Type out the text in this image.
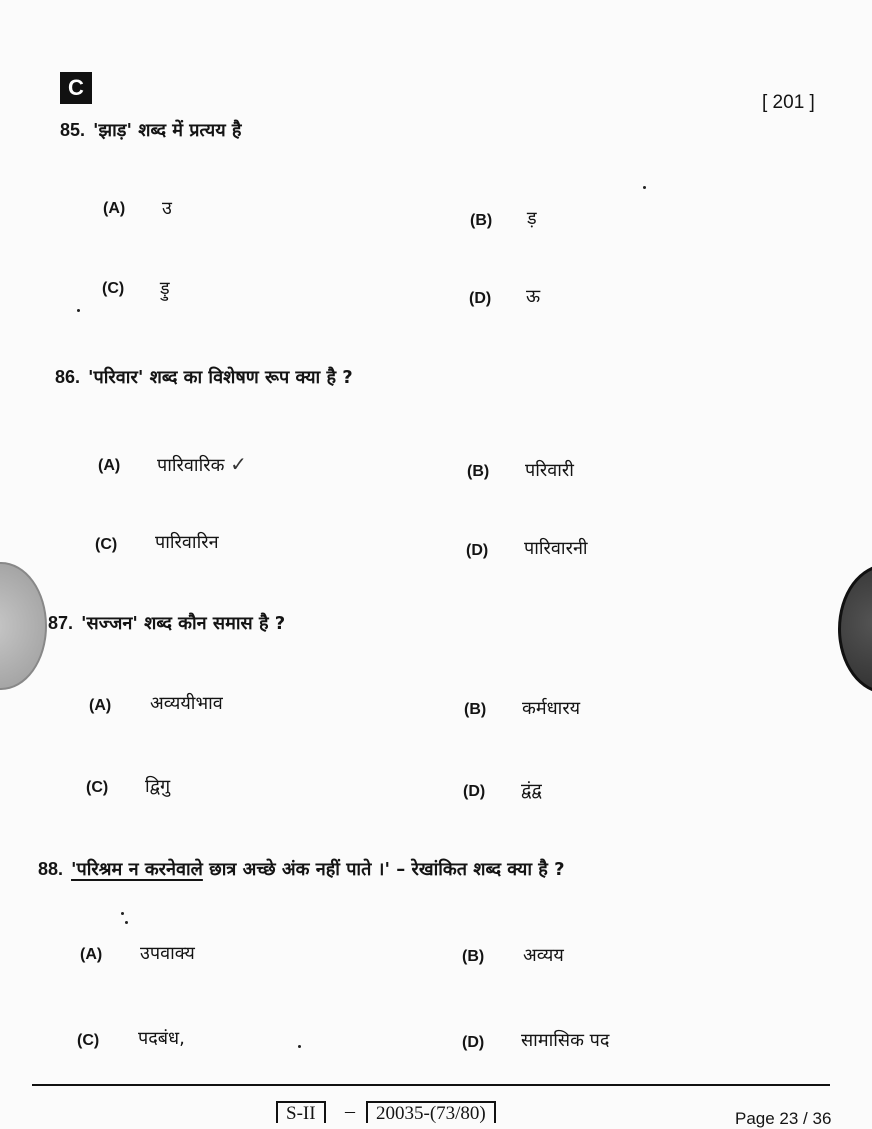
C
[ 201 ]
85. 'झाड़' शब्द में प्रत्यय है
(A) उ
(B) ड़
(C) ड़ु	(D) ऊ
86. 'परिवार' शब्द का विशेषण रूप क्या है ?
(A) पारिवारिक ✓	(B) परिवारी
(C) पारिवारिन	(D) पारिवारनी
87. 'सज्जन' शब्द कौन समास है ?
(A) अव्ययीभाव	(B) कर्मधारय
(C) द्विगु	(D) द्वंद्व
88. 'परिश्रम न करनेवाले छात्र अच्छे अंक नहीं पाते ।' – रेखांकित शब्द क्या है ?
(A) उपवाक्य	(B) अव्यय
(C) पदबंध,	(D) सामासिक पद
S-II	–	20035-(73/80)	Page 23 / 36
